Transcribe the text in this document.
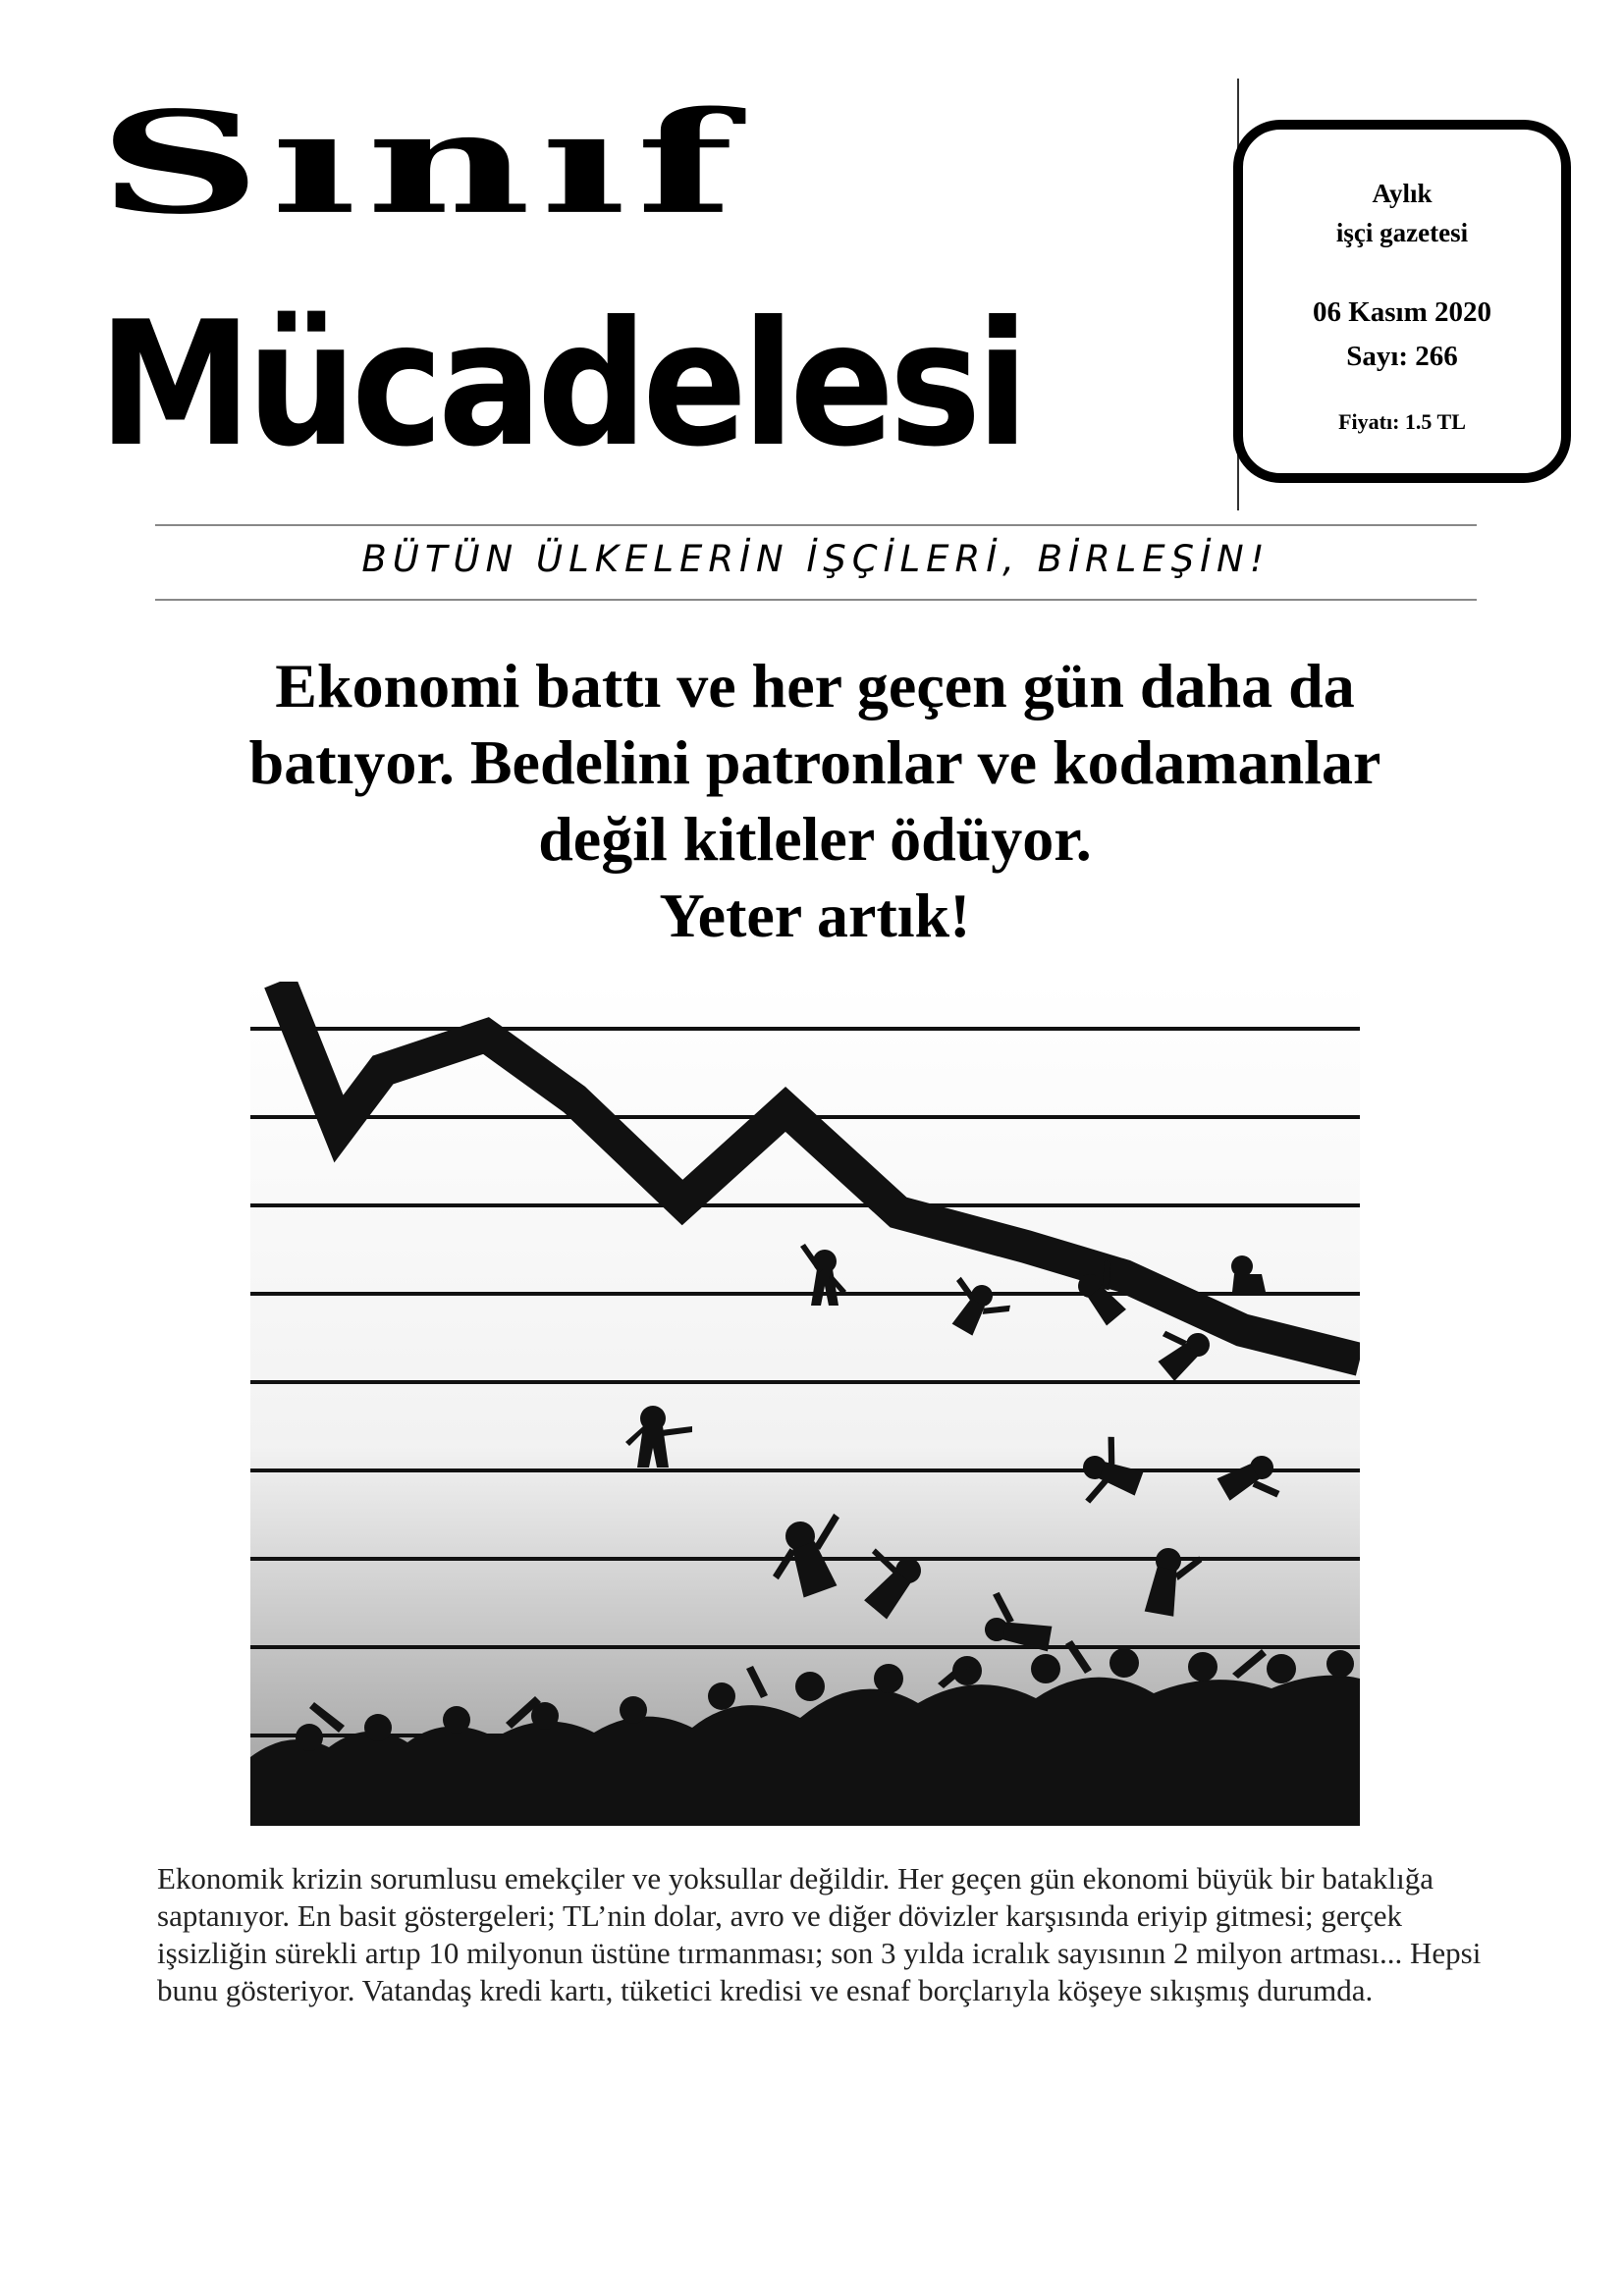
Sınıf
Mücadelesi
Aylık
işçi gazetesi
06 Kasım 2020
Sayı: 266
Fiyatı: 1.5 TL
BÜTÜN ÜLKELERİN İŞÇİLERİ, BİRLEŞİN!
Ekonomi battı ve her geçen gün daha da
batıyor. Bedelini patronlar ve kodamanlar
değil kitleler ödüyor.
Yeter artık!
Ekonomik krizin sorumlusu emekçiler ve yoksullar değildir. Her geçen gün ekonomi büyük bir bataklığa saptanıyor. En basit göstergeleri; TL’nin dolar, avro ve diğer dövizler karşısında eriyip gitmesi; gerçek işsizliğin sürekli artıp 10 milyonun üstüne tırmanması; son 3 yılda icralık sayısının 2 milyon artması... Hepsi bunu gösteriyor. Vatandaş kredi kartı, tüketici kredisi ve esnaf borçlarıyla köşeye sıkışmış durumda.
